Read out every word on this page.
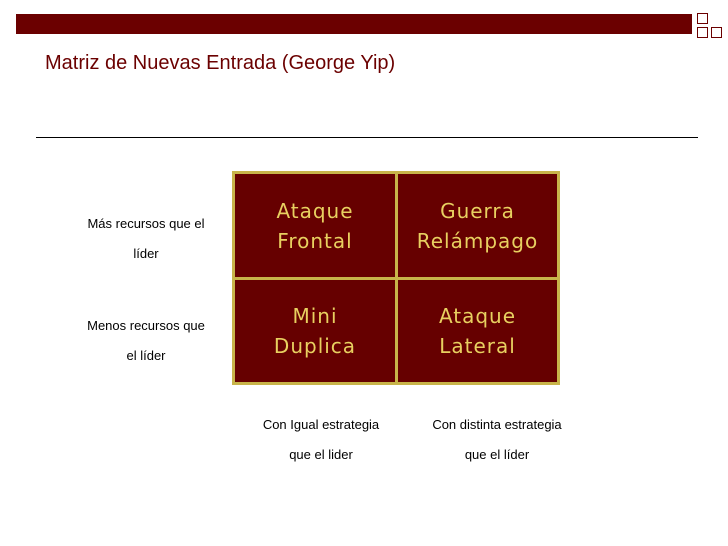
Matriz de Nuevas Entrada (George Yip)
Más recursos que el
líder
Menos recursos que
el líder
Ataque
Frontal
Guerra
Relámpago
Mini
Duplica
Ataque
Lateral
Con Igual estrategia
que el lider
Con distinta estrategia
que el líder
